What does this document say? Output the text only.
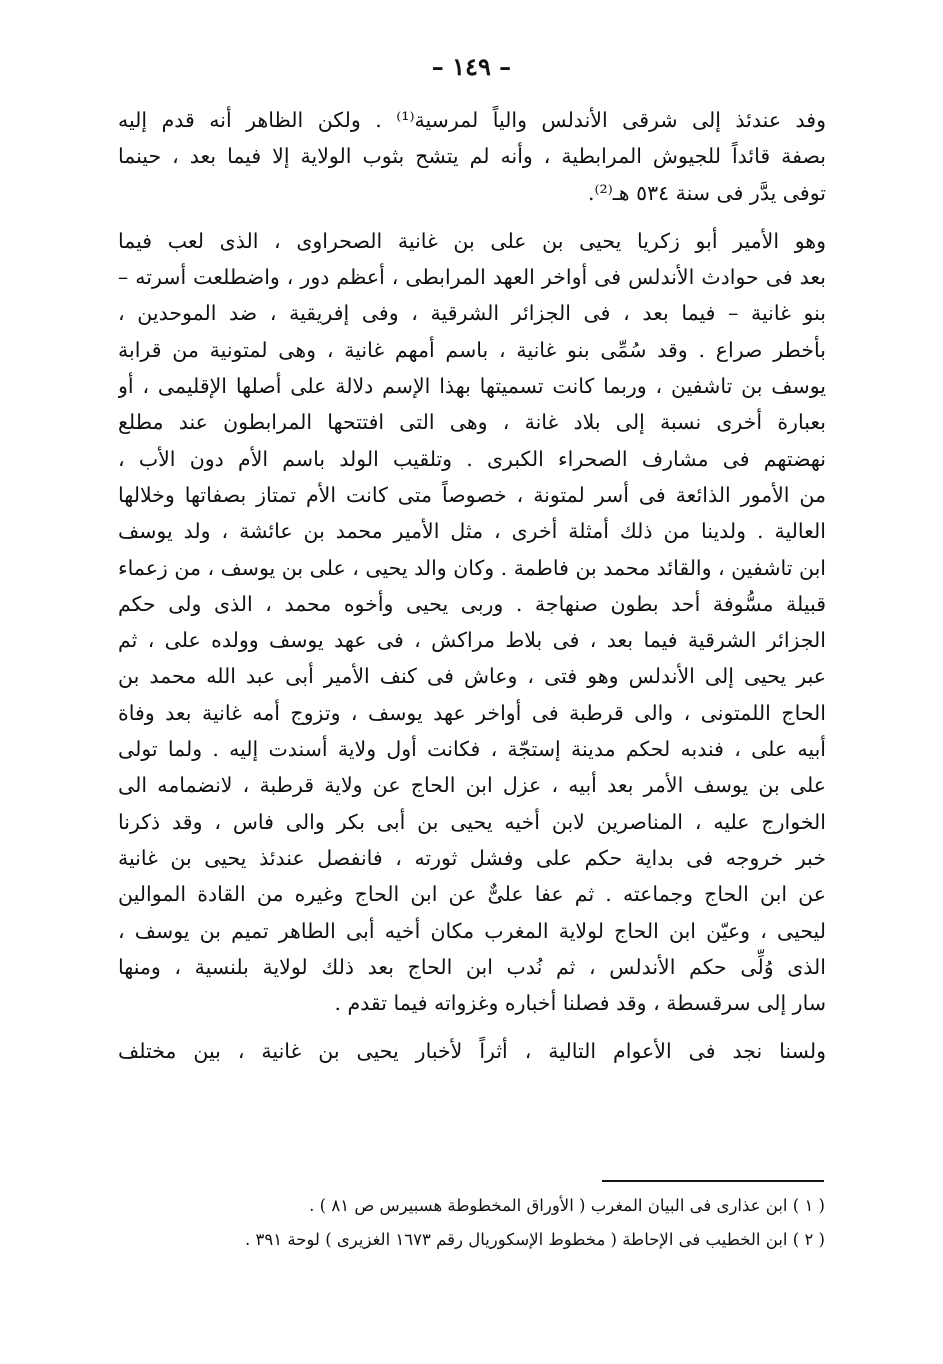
– ١٤٩ –
وفد عندئذ إلى شرقى الأندلس والياً لمرسية⁽¹⁾ . ولكن الظاهر أنه قدم إليه
بصفة قائداً للجيوش المرابطية ، وأنه لم يتشح بثوب الولاية إلا فيما بعد ، حينما
توفى يدَّر فى سنة ٥٣٤ هـ⁽²⁾.
وهو الأمير أبو زكريا يحيى بن على بن غانية الصحراوى ، الذى لعب فيما
بعد فى حوادث الأندلس فى أواخر العهد المرابطى ، أعظم دور ، واضطلعت أسرته –
بنو غانية – فيما بعد ، فى الجزائر الشرقية ، وفى إفريقية ، ضد الموحدين ،
بأخطر صراع . وقد سُمِّى بنو غانية ، باسم أمهم غانية ، وهى لمتونية من قرابة
يوسف بن تاشفين ، وربما كانت تسميتها بهذا الإسم دلالة على أصلها الإقليمى ، أو
بعبارة أخرى نسبة إلى بلاد غانة ، وهى التى افتتحها المرابطون عند مطلع
نهضتهم فى مشارف الصحراء الكبرى . وتلقيب الولد باسم الأم دون الأب ،
من الأمور الذائعة فى أسر لمتونة ، خصوصاً متى كانت الأم تمتاز بصفاتها وخلالها
العالية . ولدينا من ذلك أمثلة أخرى ، مثل الأمير محمد بن عائشة ، ولد يوسف
ابن تاشفين ، والقائد محمد بن فاطمة . وكان والد يحيى ، على بن يوسف ، من زعماء
قبيلة مسُّوفة أحد بطون صنهاجة . وربى يحيى وأخوه محمد ، الذى ولى حكم
الجزائر الشرقية فيما بعد ، فى بلاط مراكش ، فى عهد يوسف وولده على ، ثم
عبر يحيى إلى الأندلس وهو فتى ، وعاش فى كنف الأمير أبى عبد الله محمد بن
الحاج اللمتونى ، والى قرطبة فى أواخر عهد يوسف ، وتزوج أمه غانية بعد وفاة
أبيه على ، فندبه لحكم مدينة إستجّة ، فكانت أول ولاية أسندت إليه . ولما تولى
على بن يوسف الأمر بعد أبيه ، عزل ابن الحاج عن ولاية قرطبة ، لانضمامه الى
الخوارج عليه ، المناصرين لابن أخيه يحيى بن أبى بكر والى فاس ، وقد ذكرنا
خبر خروجه فى بداية حكم على وفشل ثورته ، فانفصل عندئذ يحيى بن غانية
عن ابن الحاج وجماعته . ثم عفا علىٌّ عن ابن الحاج وغيره من القادة الموالين
ليحيى ، وعيّن ابن الحاج لولاية المغرب مكان أخيه أبى الطاهر تميم بن يوسف ،
الذى وُلِّى حكم الأندلس ، ثم نُدب ابن الحاج بعد ذلك لولاية بلنسية ، ومنها
سار إلى سرقسطة ، وقد فصلنا أخباره وغزواته فيما تقدم .
ولسنا نجد فى الأعوام التالية ، أثراً لأخبار يحيى بن غانية ، بين مختلف
( ١ ) ابن عذارى فى البيان المغرب ( الأوراق المخطوطة هسبيرس ص ٨١ ) .
( ٢ ) ابن الخطيب فى الإحاطة ( مخطوط الإسكوريال رقم ١٦٧٣ الغزيرى ) لوحة ٣٩١ .
